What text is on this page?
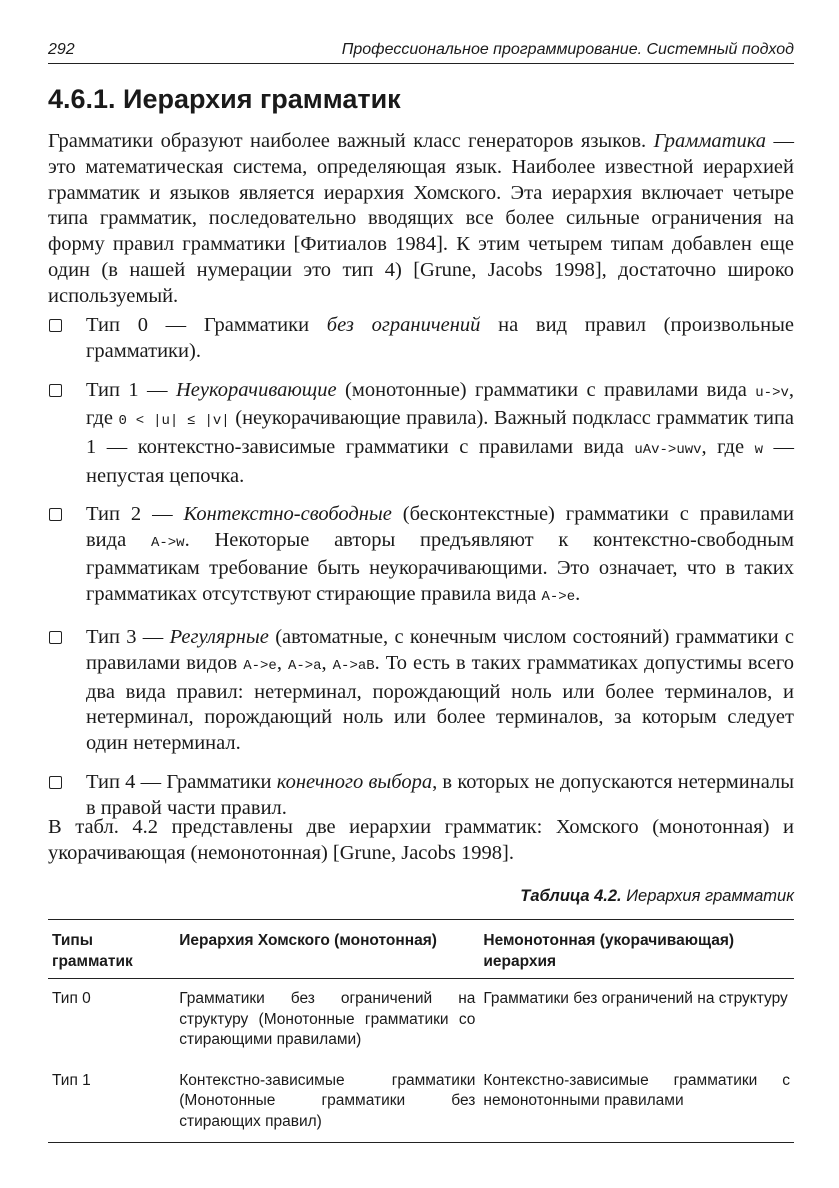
292	Профессиональное программирование. Системный подход
4.6.1. Иерархия грамматик

Грамматики образуют наиболее важный класс генераторов языков. Грамматика — это математическая система, определяющая язык. Наиболее известной иерархией грамматик и языков является иерархия Хомского. Эта иерархия включает четыре типа грамматик, последовательно вводящих все более сильные ограничения на форму правил грамматики [Фитиалов 1984]. К этим четырем типам добавлен еще один (в нашей нумерации это тип 4) [Grune, Jacobs 1998], достаточно широко используемый.

Тип 0 — Грамматики без ограничений на вид правил (произвольные грамматики).
Тип 1 — Неукорачивающие (монотонные) грамматики с правилами вида u->v, где 0 < |u| ≤ |v| (неукорачивающие правила). Важный подкласс грамматик типа 1 — контекстно-зависимые грамматики с правилами вида uAv->uwv, где w — непустая цепочка.
Тип 2 — Контекстно-свободные (бесконтекстные) грамматики с правилами вида A->w. Некоторые авторы предъявляют к контекстно-свободным грамматикам требование быть неукорачивающими. Это означает, что в таких грамматиках отсутствуют стирающие правила вида A->e.
Тип 3 — Регулярные (автоматные, с конечным числом состояний) грамматики с правилами видов A->e, A->a, A->aB. То есть в таких грамматиках допустимы всего два вида правил: нетерминал, порождающий ноль или более терминалов, и нетерминал, порождающий ноль или более терминалов, за которым следует один нетерминал.
Тип 4 — Грамматики конечного выбора, в которых не допускаются нетерминалы в правой части правил.

В табл. 4.2 представлены две иерархии грамматик: Хомского (монотонная) и укорачивающая (немонотонная) [Grune, Jacobs 1998].

Таблица 4.2. Иерархия грамматик
Типы грамматик	Иерархия Хомского (монотонная)	Немонотонная (укорачивающая) иерархия
Тип 0	Грамматики без ограничений на структуру (Монотонные грамматики со стирающими правилами)	Грамматики без ограничений на структуру
Тип 1	Контекстно-зависимые грамматики (Монотонные грамматики без стирающих правил)	Контекстно-зависимые грамматики с немонотонными правилами
